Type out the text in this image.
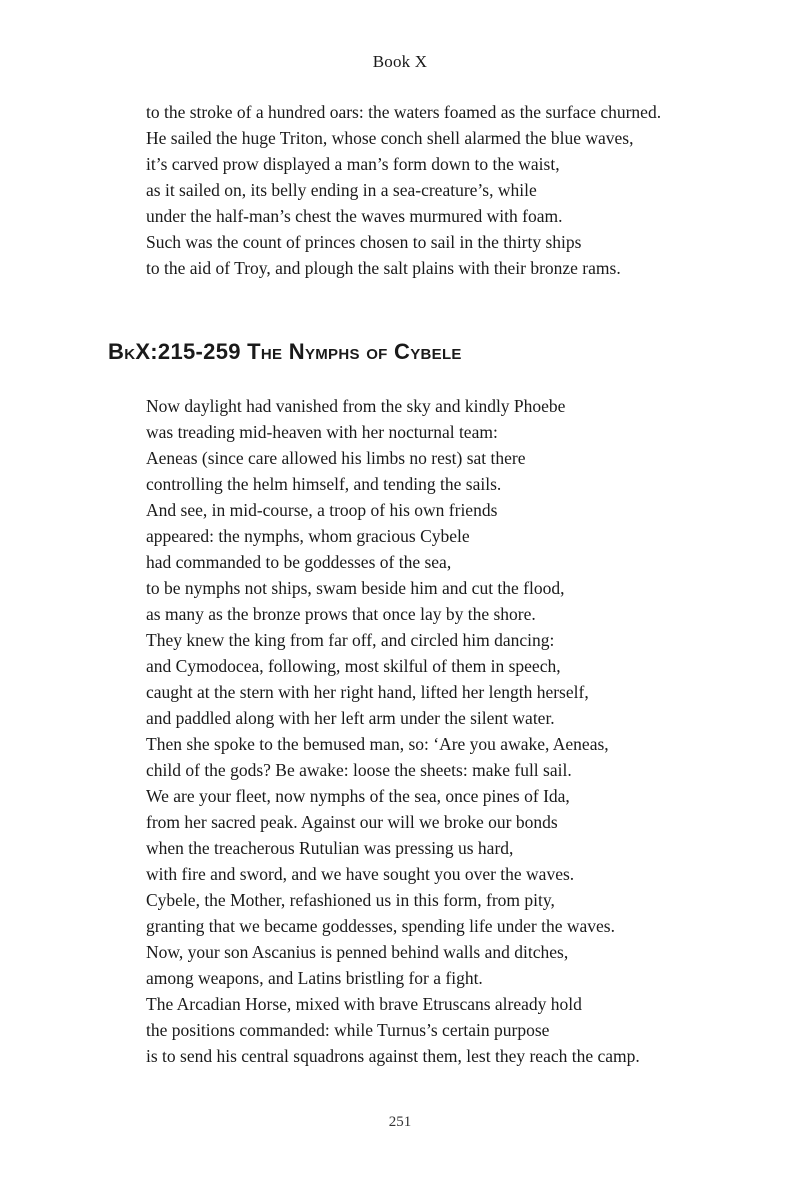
Book X
to the stroke of a hundred oars: the waters foamed as the surface churned.
He sailed the huge Triton, whose conch shell alarmed the blue waves,
it’s carved prow displayed a man’s form down to the waist,
as it sailed on, its belly ending in a sea-creature’s, while
under the half-man’s chest the waves murmured with foam.
Such was the count of princes chosen to sail in the thirty ships
to the aid of Troy, and plough the salt plains with their bronze rams.
BkX:215-259 The Nymphs of Cybele
Now daylight had vanished from the sky and kindly Phoebe
was treading mid-heaven with her nocturnal team:
Aeneas (since care allowed his limbs no rest) sat there
controlling the helm himself, and tending the sails.
And see, in mid-course, a troop of his own friends
appeared: the nymphs, whom gracious Cybele
had commanded to be goddesses of the sea,
to be nymphs not ships, swam beside him and cut the flood,
as many as the bronze prows that once lay by the shore.
They knew the king from far off, and circled him dancing:
and Cymodocea, following, most skilful of them in speech,
caught at the stern with her right hand, lifted her length herself,
and paddled along with her left arm under the silent water.
Then she spoke to the bemused man, so: ‘Are you awake, Aeneas,
child of the gods? Be awake: loose the sheets: make full sail.
We are your fleet, now nymphs of the sea, once pines of Ida,
from her sacred peak. Against our will we broke our bonds
when the treacherous Rutulian was pressing us hard,
with fire and sword, and we have sought you over the waves.
Cybele, the Mother, refashioned us in this form, from pity,
granting that we became goddesses, spending life under the waves.
Now, your son Ascanius is penned behind walls and ditches,
among weapons, and Latins bristling for a fight.
The Arcadian Horse, mixed with brave Etruscans already hold
the positions commanded: while Turnus’s certain purpose
is to send his central squadrons against them, lest they reach the camp.
251
